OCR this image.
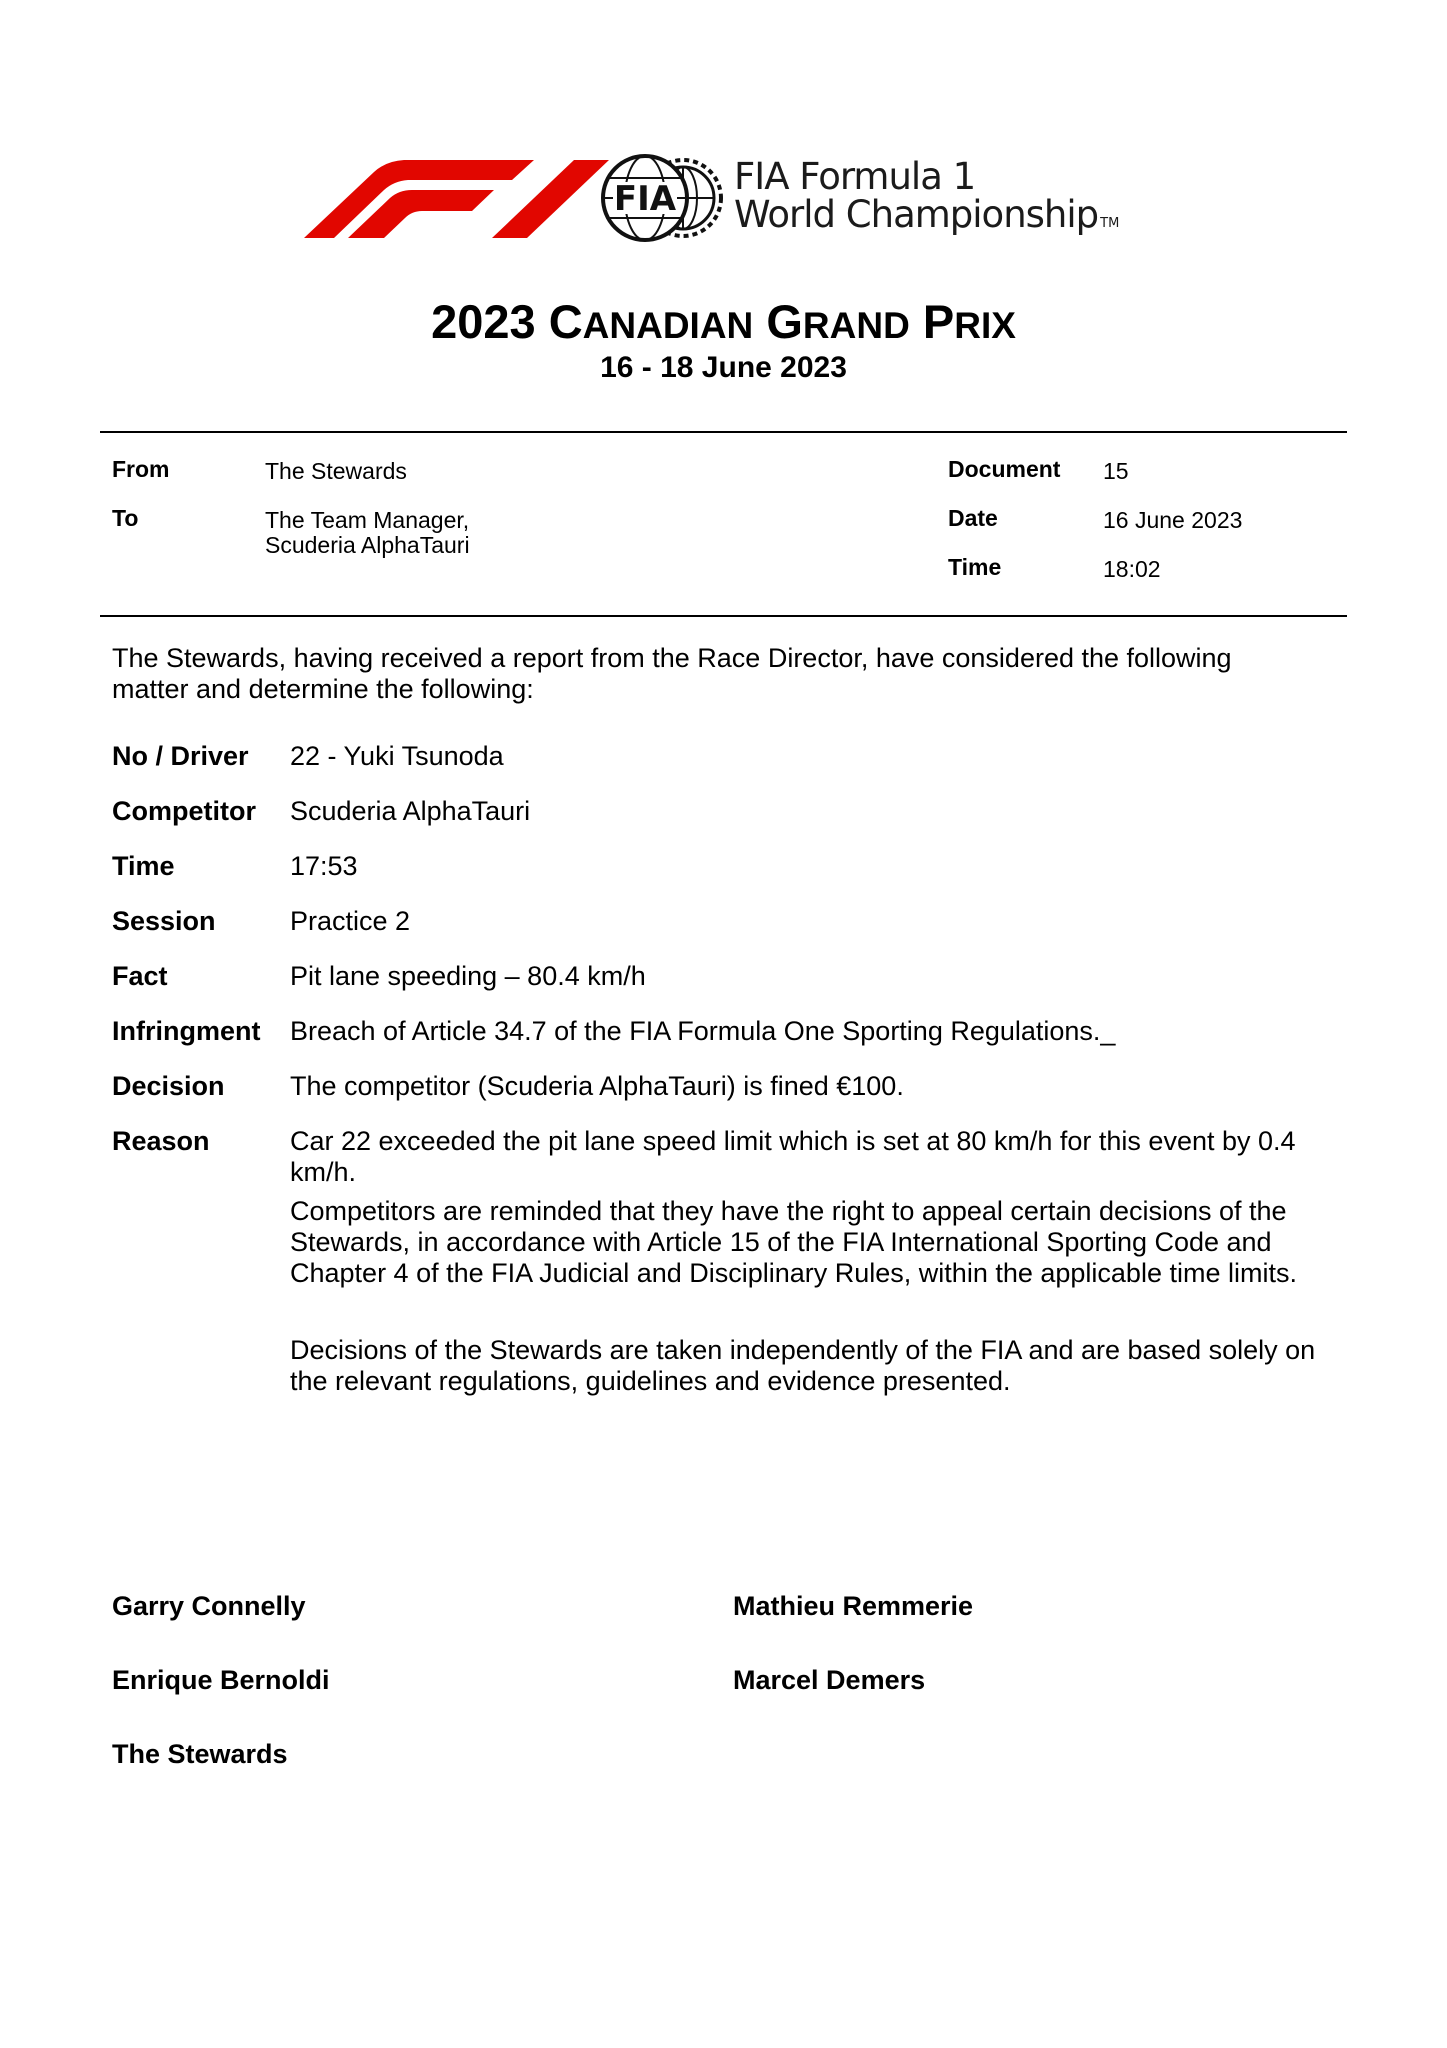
FIA
FIA Formula 1
World Championship TM
2023 CANADIAN GRAND PRIX
16 - 18 June 2023
From	The Stewards
To	The Team Manager,
Scuderia AlphaTauri
Document 15
Date	16 June 2023
Time	18:02
The Stewards, having received a report from the Race Director, have considered the following matter and determine the following:
No / Driver 22 - Yuki Tsunoda
Competitor Scuderia AlphaTauri
Time	17:53
Session	Practice 2
Fact	Pit lane speeding – 80.4 km/h
Infringment Breach of Article 34.7 of the FIA Formula One Sporting Regulations._
Decision The competitor (Scuderia AlphaTauri) is fined €100.
Reason	Car 22 exceeded the pit lane speed limit which is set at 80 km/h for this event by 0.4 km/h.
Competitors are reminded that they have the right to appeal certain decisions of the Stewards, in accordance with Article 15 of the FIA International Sporting Code and Chapter 4 of the FIA Judicial and Disciplinary Rules, within the applicable time limits.
Decisions of the Stewards are taken independently of the FIA and are based solely on the relevant regulations, guidelines and evidence presented.
Garry Connelly
Enrique Bernoldi
The Stewards
Mathieu Remmerie
Marcel Demers
